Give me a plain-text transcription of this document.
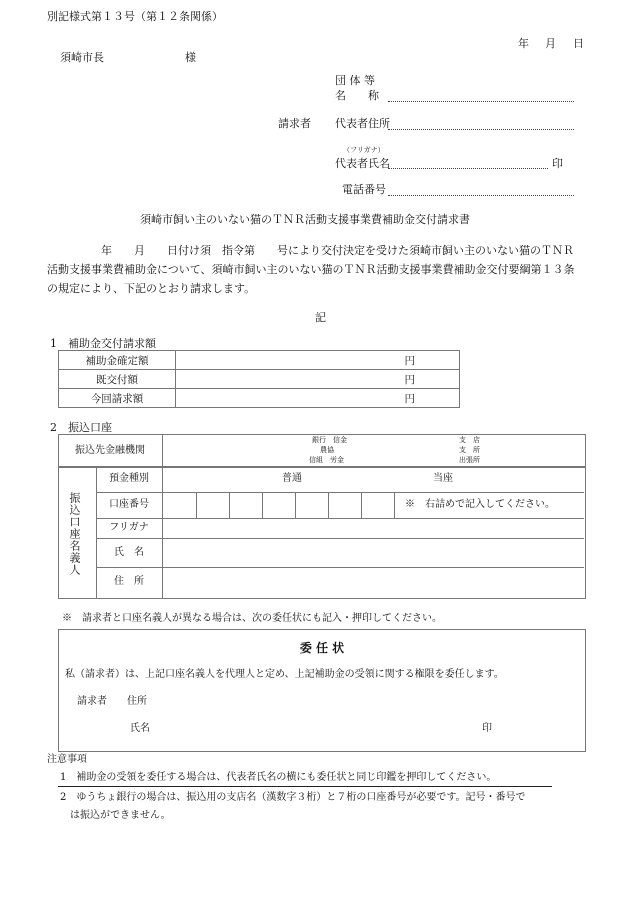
別記様式第１３号（第１２条関係）
年 月 日
須崎市長	様
団 体 等
名　　称
請求者 代表者住所
（フリガナ）
代表者氏名	印
電話番号
須崎市飼い主のいない猫のＴＮＲ活動支援事業費補助金交付請求書
年　　月　　日付け須　指令第　　号により交付決定を受けた須崎市飼い主のいない猫のＴＮＲ
活動支援事業費補助金について、須崎市飼い主のいない猫のＴＮＲ活動支援事業費補助金交付要綱第１３条
の規定により、下記のとおり請求します。
記
1　補助金交付請求額
補助金確定額	円
既交付額	円
今回請求額	円
2　振込口座
振込先金融機関
銀行　信金
農協
信組　労金
支　店
支　所
出張所
振込口座名義人
預金種別	普通	当座
口座番号	※　右詰めで記入してください。
フリガナ
氏　名
住　所
※　請求者と口座名義人が異なる場合は、次の委任状にも記入・押印してください。
委 任 状
私（請求者）は、上記口座名義人を代理人と定め、上記補助金の受領に関する権限を委任します。
請求者 住所
氏名	印
注意事項
1　補助金の受領を委任する場合は、代表者氏名の横にも委任状と同じ印鑑を押印してください。
2　ゆうちょ銀行の場合は、振込用の支店名（漢数字３桁）と７桁の口座番号が必要です。記号・番号で
は振込ができません。
